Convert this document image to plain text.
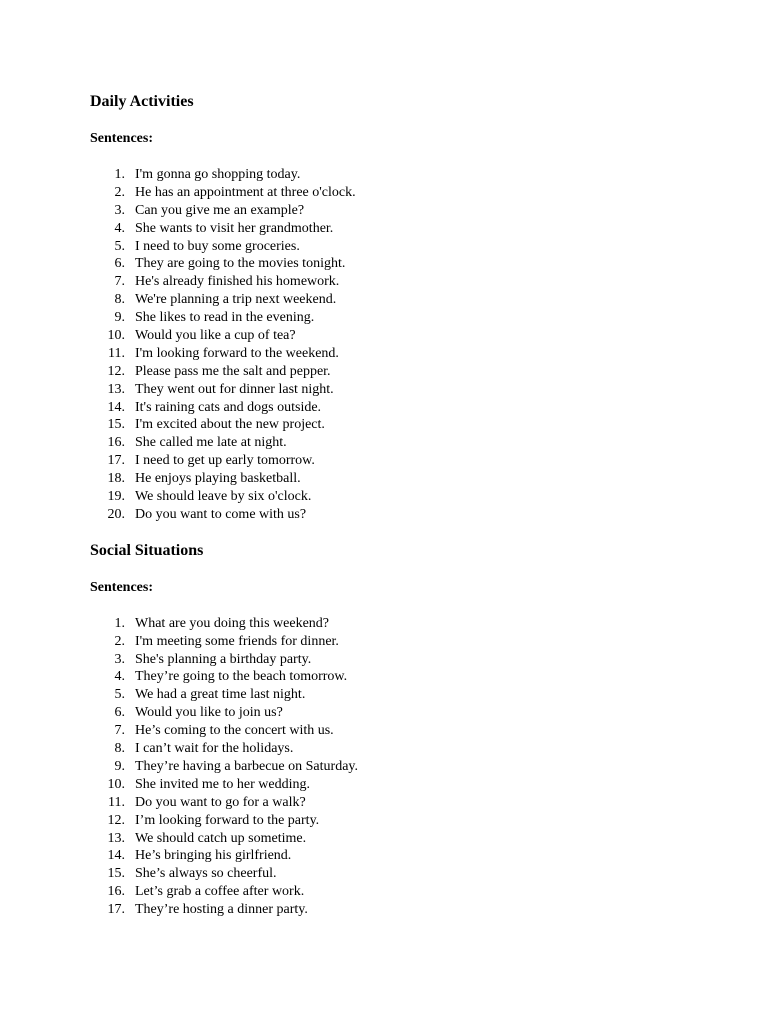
Daily Activities

Sentences:

1. I'm gonna go shopping today.
2. He has an appointment at three o'clock.
3. Can you give me an example?
4. She wants to visit her grandmother.
5. I need to buy some groceries.
6. They are going to the movies tonight.
7. He's already finished his homework.
8. We're planning a trip next weekend.
9. She likes to read in the evening.
10. Would you like a cup of tea?
11. I'm looking forward to the weekend.
12. Please pass me the salt and pepper.
13. They went out for dinner last night.
14. It's raining cats and dogs outside.
15. I'm excited about the new project.
16. She called me late at night.
17. I need to get up early tomorrow.
18. He enjoys playing basketball.
19. We should leave by six o'clock.
20. Do you want to come with us?
Social Situations

Sentences:

1. What are you doing this weekend?
2. I'm meeting some friends for dinner.
3. She's planning a birthday party.
4. They’re going to the beach tomorrow.
5. We had a great time last night.
6. Would you like to join us?
7. He’s coming to the concert with us.
8. I can’t wait for the holidays.
9. They’re having a barbecue on Saturday.
10. She invited me to her wedding.
11. Do you want to go for a walk?
12. I’m looking forward to the party.
13. We should catch up sometime.
14. He’s bringing his girlfriend.
15. She’s always so cheerful.
16. Let’s grab a coffee after work.
17. They’re hosting a dinner party.
